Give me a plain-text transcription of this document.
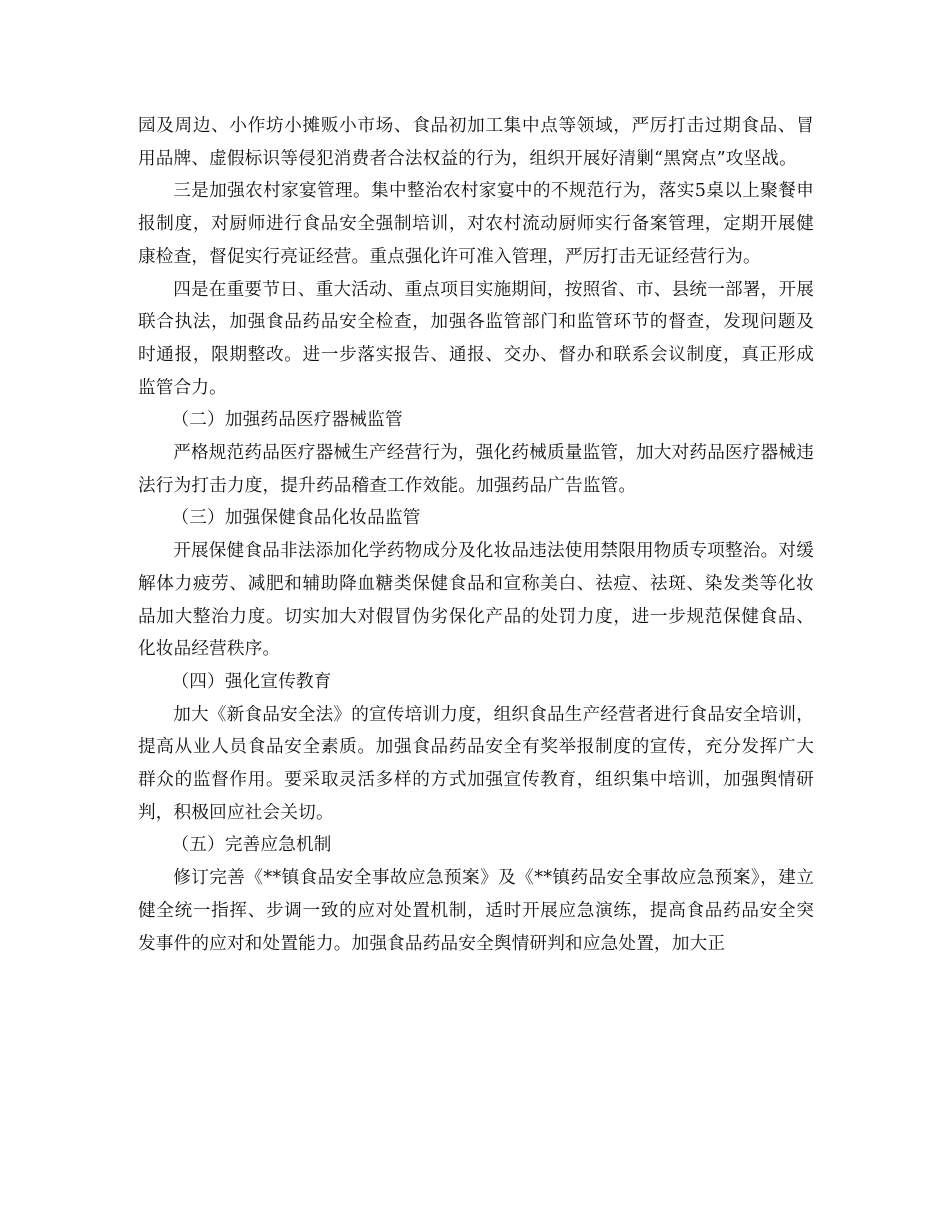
园及周边、小作坊小摊贩小市场、食品初加工集中点等领域，严厉打击过期食品、冒用品牌、虚假标识等侵犯消费者合法权益的行为，组织开展好清剿“黑窝点”攻坚战。

三是加强农村家宴管理。集中整治农村家宴中的不规范行为，落实5桌以上聚餐申报制度，对厨师进行食品安全强制培训，对农村流动厨师实行备案管理，定期开展健康检查，督促实行亮证经营。重点强化许可准入管理，严厉打击无证经营行为。

四是在重要节日、重大活动、重点项目实施期间，按照省、市、县统一部署，开展联合执法，加强食品药品安全检查，加强各监管部门和监管环节的督查，发现问题及时通报，限期整改。进一步落实报告、通报、交办、督办和联系会议制度，真正形成监管合力。

（二）加强药品医疗器械监管

严格规范药品医疗器械生产经营行为，强化药械质量监管，加大对药品医疗器械违法行为打击力度，提升药品稽查工作效能。加强药品广告监管。

（三）加强保健食品化妆品监管

开展保健食品非法添加化学药物成分及化妆品违法使用禁限用物质专项整治。对缓解体力疲劳、减肥和辅助降血糖类保健食品和宣称美白、祛痘、祛斑、染发类等化妆品加大整治力度。切实加大对假冒伪劣保化产品的处罚力度，进一步规范保健食品、化妆品经营秩序。

（四）强化宣传教育

加大《新食品安全法》的宣传培训力度，组织食品生产经营者进行食品安全培训，提高从业人员食品安全素质。加强食品药品安全有奖举报制度的宣传，充分发挥广大群众的监督作用。要采取灵活多样的方式加强宣传教育，组织集中培训，加强舆情研判，积极回应社会关切。

（五）完善应急机制

修订完善《**镇食品安全事故应急预案》及《**镇药品安全事故应急预案》，建立健全统一指挥、步调一致的应对处置机制，适时开展应急演练，提高食品药品安全突发事件的应对和处置能力。加强食品药品安全舆情研判和应急处置，加大正
